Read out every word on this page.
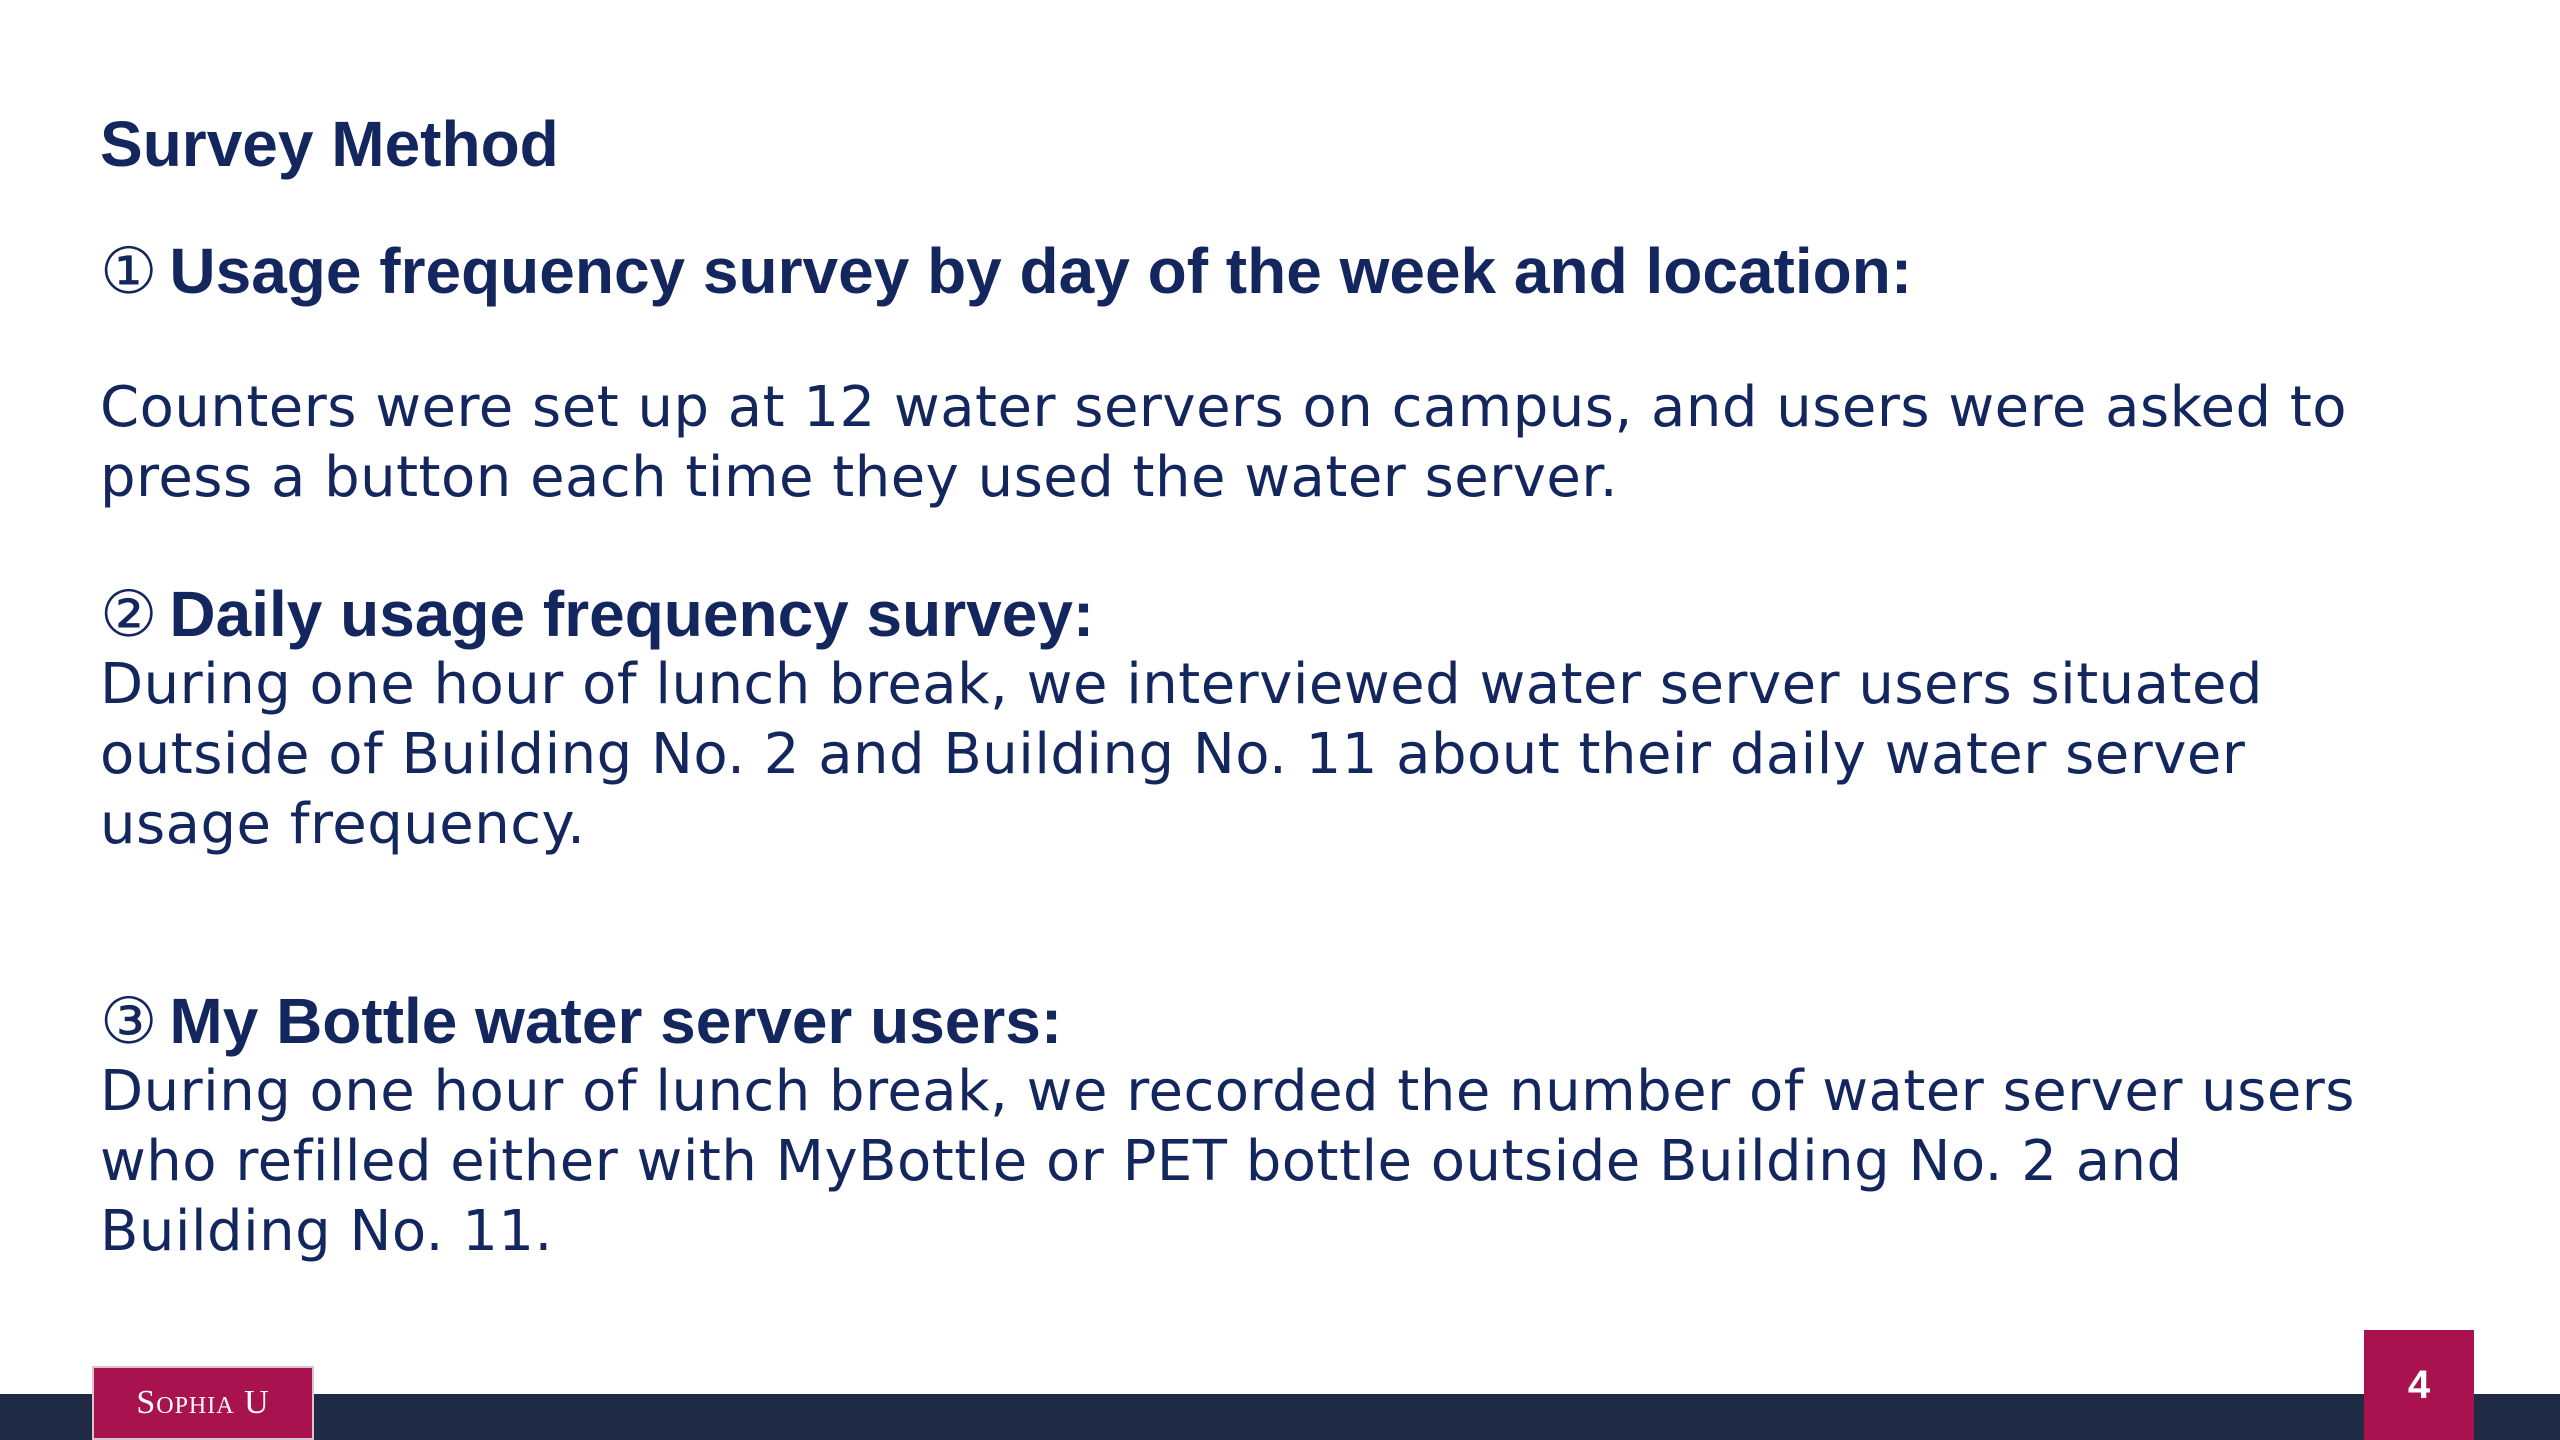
Survey Method
① Usage frequency survey by day of the week and location:
Counters were set up at 12 water servers on campus, and users were asked to
press a button each time they used the water server.
② Daily usage frequency survey:
During one hour of lunch break, we interviewed water server users situated
outside of Building No. 2 and Building No. 11 about their daily water server
usage frequency.
③ My Bottle water server users:
During one hour of lunch break, we recorded the number of water server users
who refilled either with MyBottle or PET bottle outside Building No. 2 and
Building No. 11.
Sophia U	4
